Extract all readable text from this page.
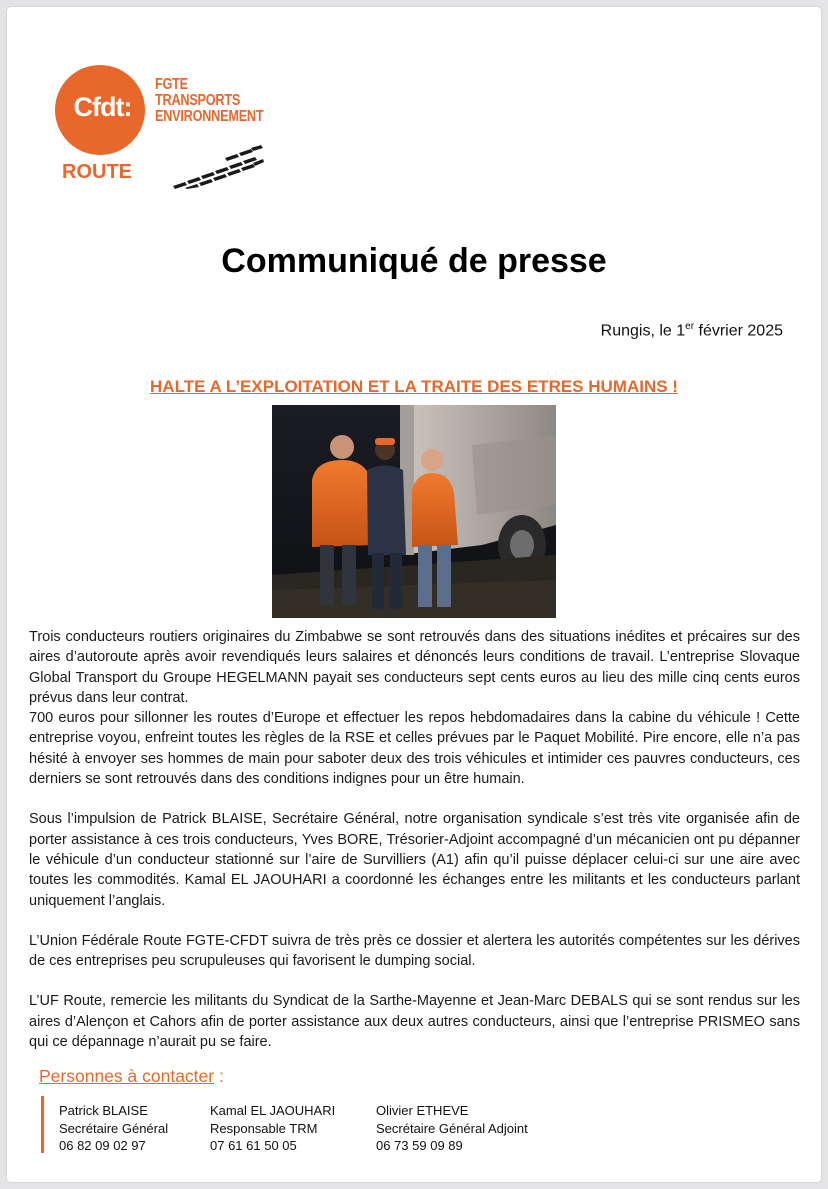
Cfdt:
FGTE
TRANSPORTS
ENVIRONNEMENT
ROUTE
Communiqué de presse
Rungis, le 1er février 2025
HALTE A L’EXPLOITATION ET LA TRAITE DES ETRES HUMAINS !

Trois conducteurs routiers originaires du Zimbabwe se sont retrouvés dans des situations inédites et précaires sur des aires d’autoroute après avoir revendiqués leurs salaires et dénoncés leurs conditions de travail. L’entreprise Slovaque Global Transport du Groupe HEGELMANN payait ses conducteurs sept cents euros au lieu des mille cinq cents euros prévus dans leur contrat.

700 euros pour sillonner les routes d’Europe et effectuer les repos hebdomadaires dans la cabine du véhicule ! Cette entreprise voyou, enfreint toutes les règles de la RSE et celles prévues par le Paquet Mobilité. Pire encore, elle n’a pas hésité à envoyer ses hommes de main pour saboter deux des trois véhicules et intimider ces pauvres conducteurs, ces derniers se sont retrouvés dans des conditions indignes pour un être humain.

Sous l’impulsion de Patrick BLAISE, Secrétaire Général, notre organisation syndicale s’est très vite organisée afin de porter assistance à ces trois conducteurs, Yves BORE, Trésorier-Adjoint accompagné d’un mécanicien ont pu dépanner le véhicule d’un conducteur stationné sur l’aire de Survilliers (A1) afin qu’il puisse déplacer celui-ci sur une aire avec toutes les commodités. Kamal EL JAOUHARI a coordonné les échanges entre les militants et les conducteurs parlant uniquement l’anglais.

L’Union Fédérale Route FGTE-CFDT suivra de très près ce dossier et alertera les autorités compétentes sur les dérives de ces entreprises peu scrupuleuses qui favorisent le dumping social.

L’UF Route, remercie les militants du Syndicat de la Sarthe-Mayenne et Jean-Marc DEBALS qui se sont rendus sur les aires d’Alençon et Cahors afin de porter assistance aux deux autres conducteurs, ainsi que l’entreprise PRISMEO sans qui ce dépannage n’aurait pu se faire.

Personnes à contacter :
Patrick BLAISE
Secrétaire Général
06 82 09 02 97
Kamal EL JAOUHARI
Responsable TRM
07 61 61 50 05
Olivier ETHEVE
Secrétaire Général Adjoint
06 73 59 09 89
